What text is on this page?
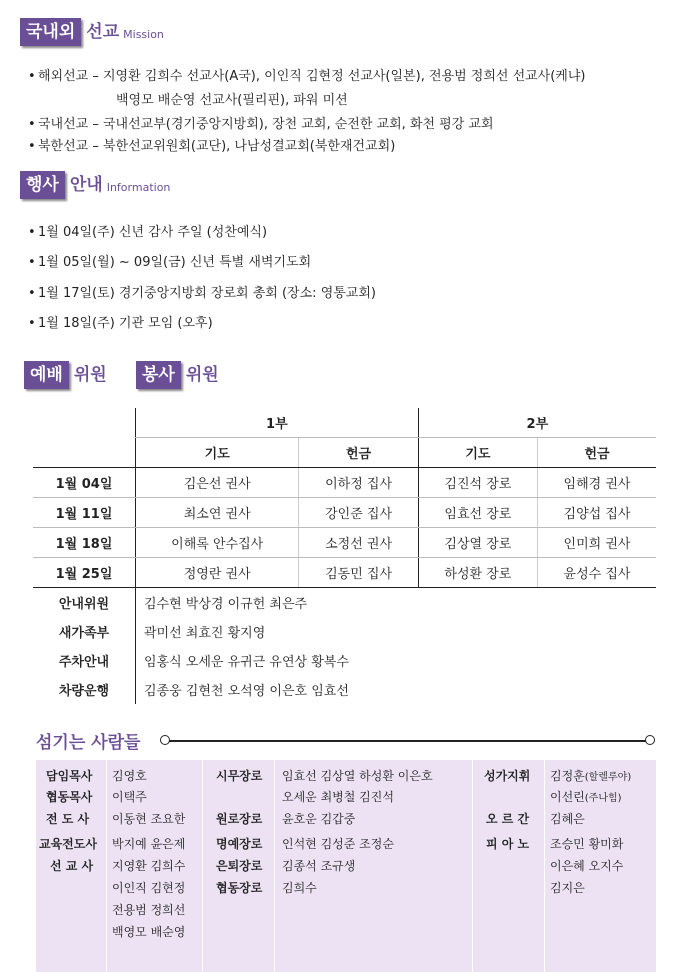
국내외 선교 Mission
• 해외선교 – 지영환 김희수 선교사(A국), 이인직 김현정 선교사(일본), 전용범 정희선 선교사(케냐)
백영모 배순영 선교사(필리핀), 파워 미션
• 국내선교 – 국내선교부(경기중앙지방회), 장천 교회, 순전한 교회, 화천 평강 교회
• 북한선교 – 북한선교위원회(교단), 나남성결교회(북한재건교회)
행사 안내 Information
• 1월 04일(주) 신년 감사 주일 (성찬예식)
• 1월 05일(월) ~ 09일(금) 신년 특별 새벽기도회
• 1월 17일(토) 경기중앙지방회 장로회 총회 (장소: 영통교회)
• 1월 18일(주) 기관 모임 (오후)
예배 위원	봉사 위원
	1부		2부	
	기도	헌금	기도	헌금
1월 04일	김은선 권사	이하정 집사	김진석 장로	임해경 권사
1월 11일	최소연 권사	강인준 집사	임효선 장로	김양섭 집사
1월 18일	이해록 안수집사	소정선 권사	김상열 장로	인미희 권사
1월 25일	정영란 권사	김동민 집사	하성환 장로	윤성수 집사
안내위원	김수현 박상경 이규헌 최은주			
새가족부	곽미선 최효진 황지영			
주차안내	임홍식 오세운 유귀근 유연상 황복수			
차량운행	김종웅 김현천 오석영 이은호 임효선			
섬기는 사람들
담임목사 김영호
협동목사 이택주
전 도 사 이동현 조요한
교육전도사 박지예 윤은제
선 교 사 지영환 김희수
이인직 김현정
전용범 정희선
백영모 배순영
시무장로 임효선 김상열 하성환 이은호
오세운 최병철 김진석
원로장로 윤호운 김갑중
명예장로 인석현 김성준 조정순
은퇴장로 김종석 조규생
협동장로 김희수
성가지휘 김정훈(할렐루야)
이선린(주나힘)
오 르 간 김혜은
피 아 노 조승민 황미화
이은혜 오지수
김지은
